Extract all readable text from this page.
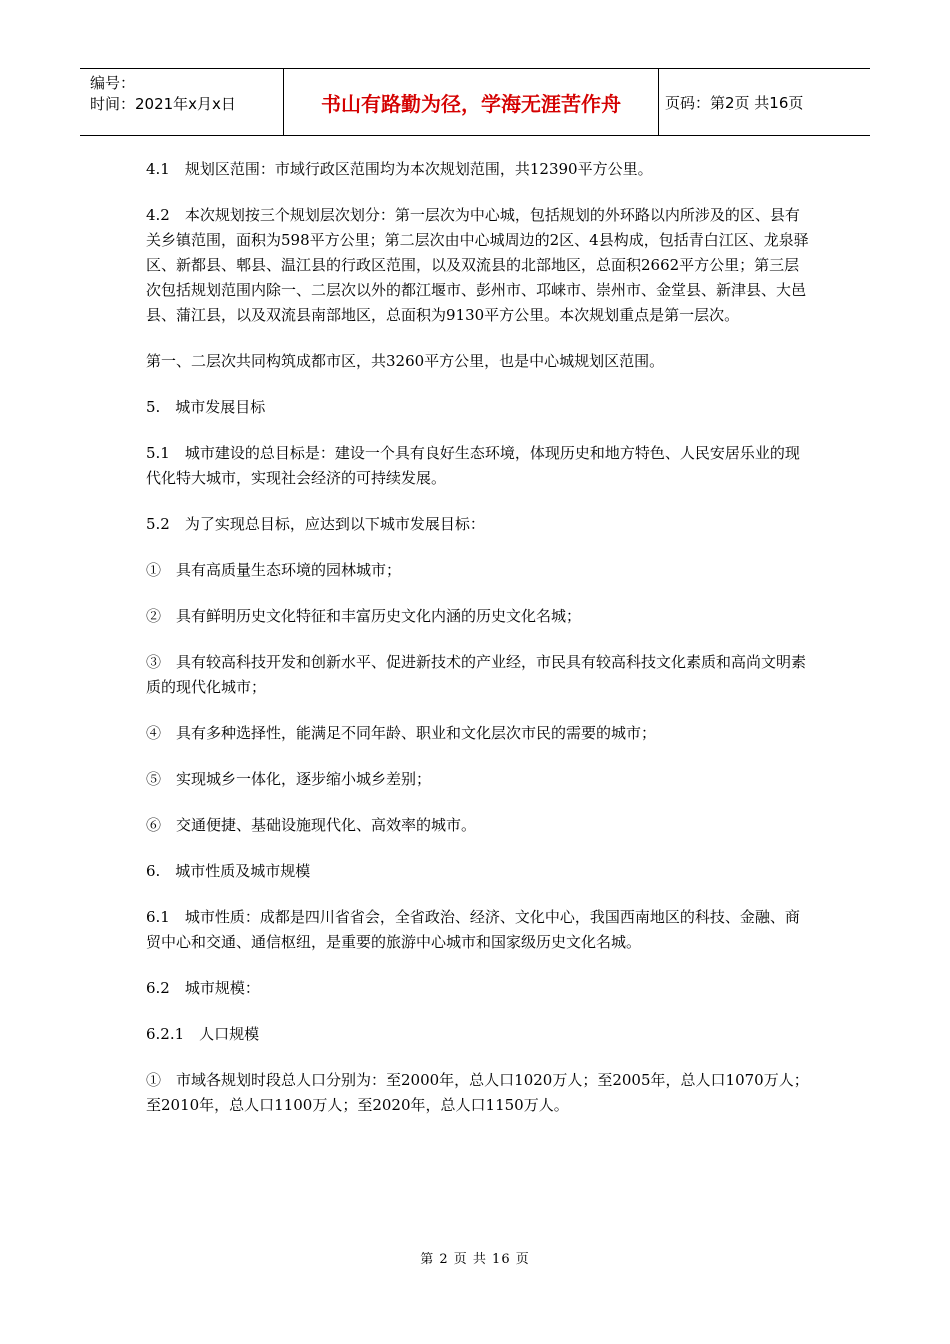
编号：
时间：2021年x月x日	书山有路勤为径，学海无涯苦作舟	页码：第2页 共16页

4.1　规划区范围：市域行政区范围均为本次规划范围，共12390平方公里。

4.2　本次规划按三个规划层次划分：第一层次为中心城，包括规划的外环路以内所涉及的区、县有关乡镇范围，面积为598平方公里；第二层次由中心城周边的2区、4县构成，包括青白江区、龙泉驿区、新都县、郫县、温江县的行政区范围，以及双流县的北部地区，总面积2662平方公里；第三层次包括规划范围内除一、二层次以外的都江堰市、彭州市、邛崃市、崇州市、金堂县、新津县、大邑县、蒲江县，以及双流县南部地区，总面积为9130平方公里。本次规划重点是第一层次。

第一、二层次共同构筑成都市区，共3260平方公里，也是中心城规划区范围。

5.　城市发展目标

5.1　城市建设的总目标是：建设一个具有良好生态环境，体现历史和地方特色、人民安居乐业的现代化特大城市，实现社会经济的可持续发展。

5.2　为了实现总目标，应达到以下城市发展目标：

①　具有高质量生态环境的园林城市；

②　具有鲜明历史文化特征和丰富历史文化内涵的历史文化名城；

③　具有较高科技开发和创新水平、促进新技术的产业经，市民具有较高科技文化素质和高尚文明素质的现代化城市；

④　具有多种选择性，能满足不同年龄、职业和文化层次市民的需要的城市；

⑤　实现城乡一体化，逐步缩小城乡差别；

⑥　交通便捷、基础设施现代化、高效率的城市。

6.　城市性质及城市规模

6.1　城市性质：成都是四川省省会，全省政治、经济、文化中心，我国西南地区的科技、金融、商贸中心和交通、通信枢纽，是重要的旅游中心城市和国家级历史文化名城。

6.2　城市规模：

6.2.1　人口规模

①　市域各规划时段总人口分别为：至2000年，总人口1020万人；至2005年，总人口1070万人；至2010年，总人口1100万人；至2020年，总人口1150万人。

第 2 页 共 16 页
